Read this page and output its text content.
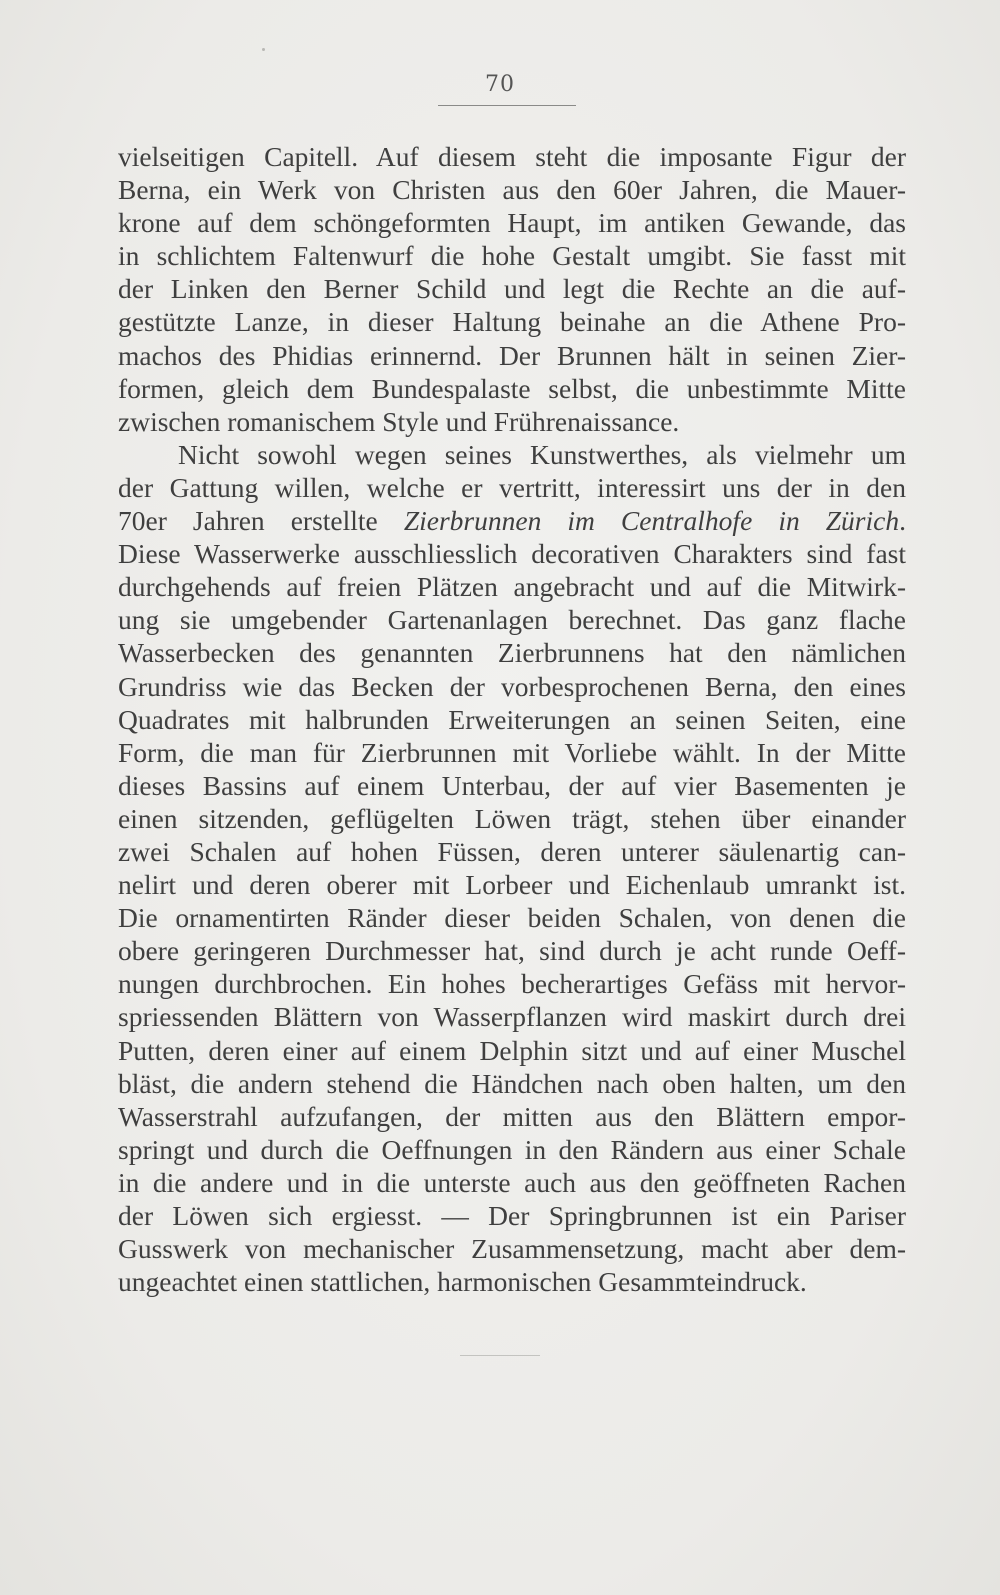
70
vielseitigen Capitell. Auf diesem steht die imposante Figur der
Berna, ein Werk von Christen aus den 60er Jahren, die Mauer-
krone auf dem schöngeformten Haupt, im antiken Gewande, das
in schlichtem Faltenwurf die hohe Gestalt umgibt. Sie fasst mit
der Linken den Berner Schild und legt die Rechte an die auf-
gestützte Lanze, in dieser Haltung beinahe an die Athene Pro-
machos des Phidias erinnernd. Der Brunnen hält in seinen Zier-
formen, gleich dem Bundespalaste selbst, die unbestimmte Mitte
zwischen romanischem Style und Frührenaissance.
Nicht sowohl wegen seines Kunstwerthes, als vielmehr um
der Gattung willen, welche er vertritt, interessirt uns der in den
70er Jahren erstellte Zierbrunnen im Centralhofe in Zürich.
Diese Wasserwerke ausschliesslich decorativen Charakters sind fast
durchgehends auf freien Plätzen angebracht und auf die Mitwirk-
ung sie umgebender Gartenanlagen berechnet. Das ganz flache
Wasserbecken des genannten Zierbrunnens hat den nämlichen
Grundriss wie das Becken der vorbesprochenen Berna, den eines
Quadrates mit halbrunden Erweiterungen an seinen Seiten, eine
Form, die man für Zierbrunnen mit Vorliebe wählt. In der Mitte
dieses Bassins auf einem Unterbau, der auf vier Basementen je
einen sitzenden, geflügelten Löwen trägt, stehen über einander
zwei Schalen auf hohen Füssen, deren unterer säulenartig can-
nelirt und deren oberer mit Lorbeer und Eichenlaub umrankt ist.
Die ornamentirten Ränder dieser beiden Schalen, von denen die
obere geringeren Durchmesser hat, sind durch je acht runde Oeff-
nungen durchbrochen. Ein hohes becherartiges Gefäss mit hervor-
spriessenden Blättern von Wasserpflanzen wird maskirt durch drei
Putten, deren einer auf einem Delphin sitzt und auf einer Muschel
bläst, die andern stehend die Händchen nach oben halten, um den
Wasserstrahl aufzufangen, der mitten aus den Blättern empor-
springt und durch die Oeffnungen in den Rändern aus einer Schale
in die andere und in die unterste auch aus den geöffneten Rachen
der Löwen sich ergiesst. — Der Springbrunnen ist ein Pariser
Gusswerk von mechanischer Zusammensetzung, macht aber dem-
ungeachtet einen stattlichen, harmonischen Gesammteindruck.
